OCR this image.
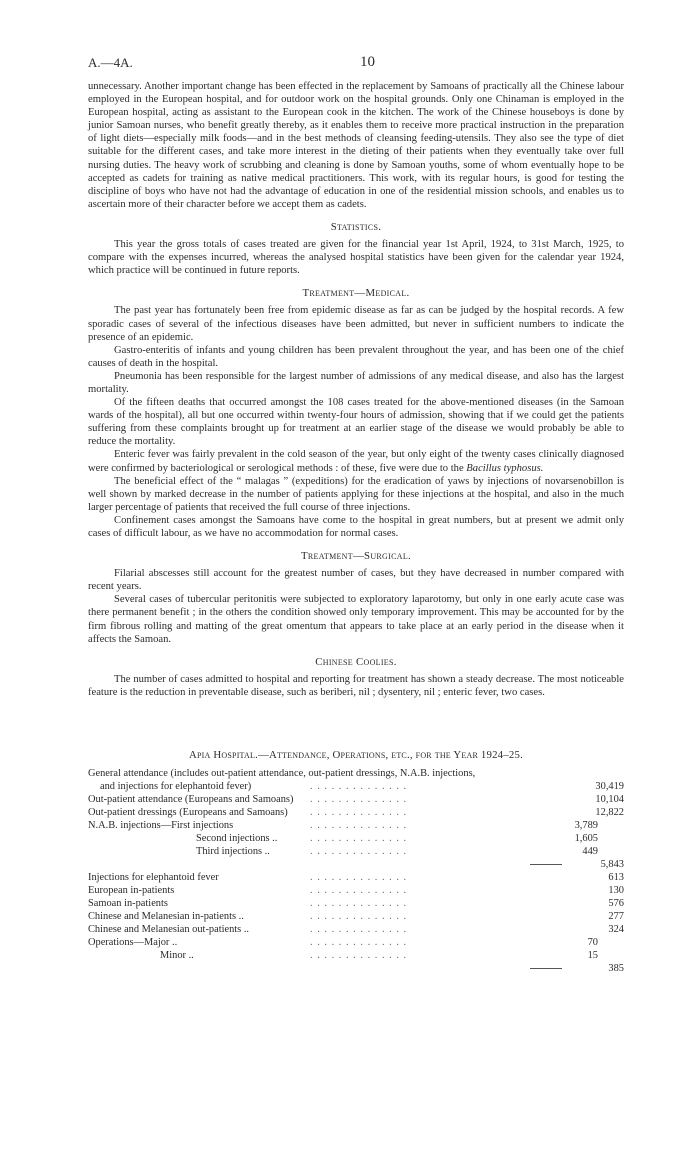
A.—4A.	10

unnecessary. Another important change has been effected in the replacement by Samoans of practically all the Chinese labour employed in the European hospital, and for outdoor work on the hospital grounds. Only one Chinaman is employed in the European hospital, acting as assistant to the European cook in the kitchen. The work of the Chinese houseboys is done by junior Samoan nurses, who benefit greatly thereby, as it enables them to receive more practical instruction in the preparation of light diets—especially milk foods—and in the best methods of cleansing feeding-utensils. They also see the type of diet suitable for the different cases, and take more interest in the dieting of their patients when they eventually take over full nursing duties. The heavy work of scrubbing and cleaning is done by Samoan youths, some of whom eventually hope to be accepted as cadets for training as native medical practitioners. This work, with its regular hours, is good for testing the discipline of boys who have not had the advantage of education in one of the residential mission schools, and enables us to ascertain more of their character before we accept them as cadets.

Statistics.

This year the gross totals of cases treated are given for the financial year 1st April, 1924, to 31st March, 1925, to compare with the expenses incurred, whereas the analysed hospital statistics have been given for the calendar year 1924, which practice will be continued in future reports.

Treatment—Medical.

The past year has fortunately been free from epidemic disease as far as can be judged by the hospital records. A few sporadic cases of several of the infectious diseases have been admitted, but never in sufficient numbers to indicate the presence of an epidemic.

Gastro-enteritis of infants and young children has been prevalent throughout the year, and has been one of the chief causes of death in the hospital.

Pneumonia has been responsible for the largest number of admissions of any medical disease, and also has the largest mortality.

Of the fifteen deaths that occurred amongst the 108 cases treated for the above-mentioned diseases (in the Samoan wards of the hospital), all but one occurred within twenty-four hours of admission, showing that if we could get the patients suffering from these complaints brought up for treatment at an earlier stage of the disease we would probably be able to reduce the mortality.

Enteric fever was fairly prevalent in the cold season of the year, but only eight of the twenty cases clinically diagnosed were confirmed by bacteriological or serological methods : of these, five were due to the Bacillus typhosus.

The beneficial effect of the “ malagas ” (expeditions) for the eradication of yaws by injections of novarsenobillon is well shown by marked decrease in the number of patients applying for these injections at the hospital, and also in the much larger percentage of patients that received the full course of three injections.

Confinement cases amongst the Samoans have come to the hospital in great numbers, but at present we admit only cases of difficult labour, as we have no accommodation for normal cases.

Treatment—Surgical.

Filarial abscesses still account for the greatest number of cases, but they have decreased in number compared with recent years.

Several cases of tubercular peritonitis were subjected to exploratory laparotomy, but only in one early acute case was there permanent benefit ; in the others the condition showed only temporary improvement. This may be accounted for by the firm fibrous rolling and matting of the great omentum that appears to take place at an early period in the disease when it affects the Samoan.

Chinese Coolies.

The number of cases admitted to hospital and reporting for treatment has shown a steady decrease. The most noticeable feature is the reduction in preventable disease, such as beriberi, nil ; dysentery, nil ; enteric fever, two cases.

Apia Hospital.—Attendance, Operations, etc., for the Year 1924–25.
General attendance (includes out-patient attendance, out-patient dressings, N.A.B. injections,
and injections for elephantoid fever)	. . . . . . . . . . . . . .	30,419
Out-patient attendance (Europeans and Samoans) . . . . . . . . . . . . . .	10,104
Out-patient dressings (Europeans and Samoans) . . . . . . . . . . . . . .	12,822
N.A.B. injections—First injections	. . . . . . . . . . . . . .	3,789
Second injections ..	. . . . . . . . . . . . . .	1,605
Third injections ..	. . . . . . . . . . . . . .	449
5,843
Injections for elephantoid fever	. . . . . . . . . . . . . .	613
European in-patients	. . . . . . . . . . . . . .	130
Samoan in-patients	. . . . . . . . . . . . . .	576
Chinese and Melanesian in-patients ..	. . . . . . . . . . . . . .	277
Chinese and Melanesian out-patients ..	. . . . . . . . . . . . . .	324
Operations—Major ..	. . . . . . . . . . . . . .	70
Minor ..	. . . . . . . . . . . . . .	15
385
